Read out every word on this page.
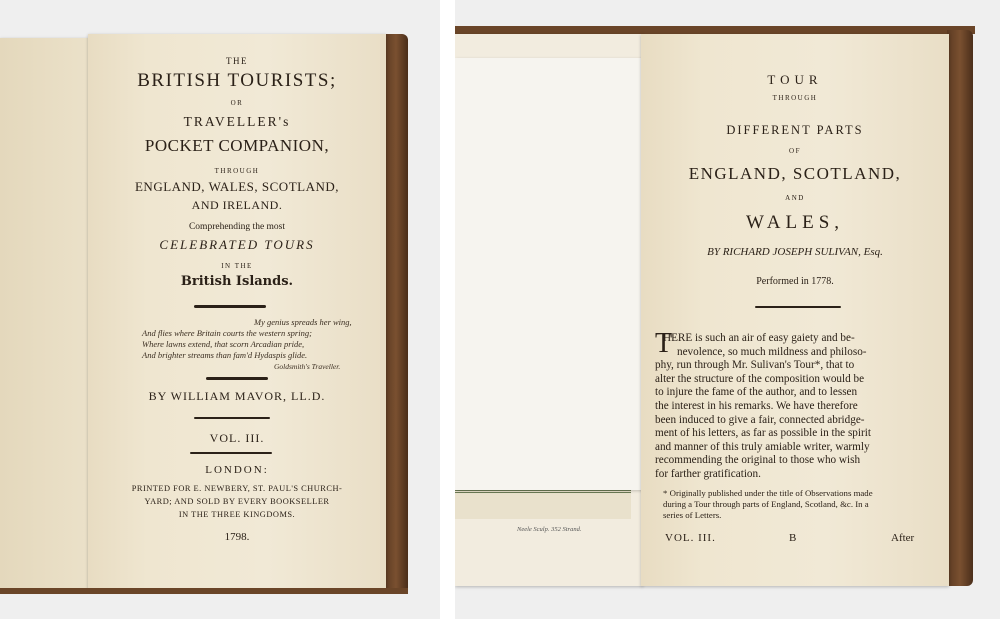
THE
BRITISH TOURISTS;
OR
TRAVELLER's
POCKET COMPANION,
THROUGH
ENGLAND, WALES, SCOTLAND,
AND IRELAND.
Comprehending the most
CELEBRATED TOURS
IN THE
British Islands.
My genius spreads her wing,
And flies where Britain courts the western spring;
Where lawns extend, that scorn Arcadian pride,
And brighter streams than fam'd Hydaspis glide.
Goldsmith's Traveller.
BY WILLIAM MAVOR, LL.D.
VOL. III.
LONDON:
PRINTED FOR E. NEWBERY, ST. PAUL'S CHURCH-
YARD; AND SOLD BY EVERY BOOKSELLER
IN THE THREE KINGDOMS.
1798.
Neele Sculp. 352 Strand.
TOUR
THROUGH
DIFFERENT PARTS
OF
ENGLAND, SCOTLAND,
AND
WALES,
BY RICHARD JOSEPH SULIVAN, Esq.
Performed in 1778.
T
HERE is such an air of easy gaiety and be-
nevolence, so much mildness and philoso-
phy, run through Mr. Sulivan's Tour*, that to
alter the structure of the composition would be
to injure the fame of the author, and to lessen
the interest in his remarks. We have therefore
been induced to give a fair, connected abridge-
ment of his letters, as far as possible in the spirit
and manner of this truly amiable writer, warmly
recommending the original to those who wish
for farther gratification.
* Originally published under the title of Observations made
during a Tour through parts of England, Scotland, &c. In a
series of Letters.
VOL. III.	B	After
